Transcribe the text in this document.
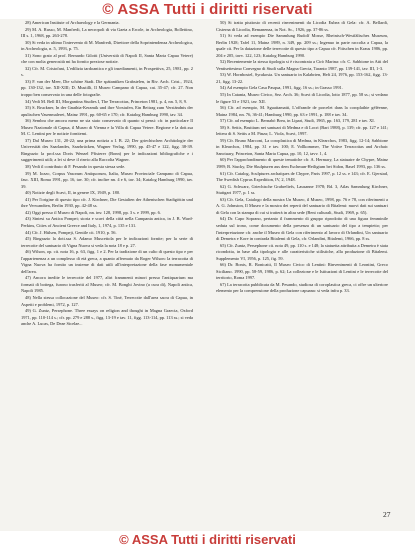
© ASSA Tutti i diritti riservati

28) American Institute of Archaeology e la Germania.

29) M. A. Russo, M. Manfredi, La necropoli di via Gaeta a Ercole, in Archeologia, Bollettino, III s. 1, 1968, pp. 263-278.

30) Si veda in ultimo l'intervento di M. Manfredi, Direttore della Soprintendenza Archeologica, in Archeologia, n. 5, 1993, p. 75.

31) Sono grato al prof. Bernardo Gilotti (Università di Napoli II, Santa Maria Capua Vetere) che con molta generosità mi ha fornito preziose notizie.

32) Cfr. M. Cristofani, L'edilizia tardoantica e gli insediamenti, in Prospettiva, 25, 1981, pp. 2 s.

33) F. van der Meer, Die schöne Stadt. Die spätantiken Grabstelen, in Riv. Arch. Crist., 1924, pp. 130-132, tav. XII-XIII; D. Mustilli, Il Museo Campano di Capua, cat. 35-47; cfr. 27. Non troppo ben conservato in una delle fotografie.

34) Vedi M. Bell III, Morgantina Studies I, The Terracottas, Princeton 1981, p. 4, nn. 5, 8, 9.

35) S. Bruckner, In der Gnathia-Keramik und ihre Vorstufen, Ein Beitrag zum Verständnis der apulischen Vasenmalerei, Mainz 1991, pp. 60-65 e 170; cfr. Katalog Hamburg 1990, tav. 34.

36) Sembra che ancora meno ne sia stato conservato di quanto si pensi: cfr. in particolare Il Museo Nazionale di Capua, il Museo di Vienna e la Villa di Capua Vetere. Regione e la dott.ssa M. C. Lentini per le notizie fornitemi.

37) Dal Museo 131, 20-22; una prima notizia a I. B. 22; Der griechischen Archäologie der Universität des Saarlandes, Saarbrücken, Wagner Verlag, 1990, pp. 45-47 e 122, figg. 38-39. Ringrazio la prof.ssa Doris Wenzel Pfisterer (Bonn) per le indicazioni bibliografiche e i suggerimenti utili; a lei si deve il rinvio alla Raccolta Wagner.

38) Vedi il contributo di F. Pesando in questa stessa sede.

39) M. Iozzo, Corpus Vasorum Antiquorum, Italia, Museo Provinciale Campano di Capua, fasc. XIII, Roma 1991, pp. 16, tav. 30; cfr. inoltre nn. 4 e 6, tav. 34; Katalog Hamburg 1990, tav. 39.

40) Notizie degli Scavi, II, in genere IX, 1949, p. 180.

41) Per l'origine di questo tipo cfr. J. Kirchner, Die Gestalten der Athenischen Stadtgöttin und ihre Verwandten, Berlin 1930, pp. 42-48 ss.

42) Oggi presso il Museo di Napoli, nn. inv. 128, 1998, pp. 3 s. e 1999, pp. 6.

43) Sintesi su Antica Pompei; storia e scavi della città nella Campania antica, in J. B. Ward-Perkins, Cities of Ancient Greece and Italy, 1, 1974, p. 135 e 131.

44) Cfr. J. Hülsen, Pompeji, Gentile cit. 1910, p. 56.

45) Ringrazio la dott.ssa S. Adamo Muscettola per le indicazioni fornite; per la serie di terrecotte del santuario di Vigna Nuova si veda la nota 18 e p. 27.

46) Wilson, op. cit. nota 16, p. 63, figg. 1 e 2. Per la tradizione di un culto di questo tipo e per l'appartenenza a un complesso di età greca, a quanto affermato da Roger Wilson: la terracotta di Vigna Nuova ha fornito un insieme di dati utili all'interpretazione della fase monumentale dell'area.

47) Ancora inedite le terrecotte del 1977, altri frammenti minori presso l'antiquarium ma formati di bottega, furono trasferiti al Museo; cfr. M. Bonghi Jovino (a cura di), Napoli antica, Napoli 1985.

48) Nella stessa collocazione del Museo: cfr. S. Tiné, Terrecotte dall'area sacra di Capua, in Aspetti e problemi, 1972, p. 127.

49) G. Zuntz, Persephone. Three essays on religion and thought in Magna Graecia, Oxford 1971, pp. 110-114 s.; cfr. pp. 279 e 288 s., figg. 13-19 e tav. 11, figg. 113-114, pp. 113 ss.; si veda anche A. Lucas, De Deae Sicelae...

50) Si tratta piuttosto di recenti rinvenimenti da Licodia Eubea di Gela: cfr. A. Bellardi, Cisterna di Licodia, Remanenza, in Not. Sc., 1926, pp. 37-86 ss.

51) Si veda ad esempio Die Sammlung Rudolf Mosse, Rheinisch-Westfälisches Museum, Berlin 1928; Tafel 11, Mainz 1989, n. 349, pp. 209 ss.; Ingenuo in parte raccolta a Capua, la quale cit. Per la datazione delle terrecotte di questo tipo a Capua cfr. Fittschen in Kraus 1986, pp. 204 e 205, tavv. 122, 123; Katalog Hamburg 1990.

52) Recentemente la stessa tipologia si è riscontrata a Cirò Marina: cfr. C. Sabbione in Atti del Ventisettesimo Convegno di Studi sulla Magna Grecia, Taranto 1987, pp. 139-141, tav. III, 1-3.

53) W. Hornbostel, Syrakosia. Un santuario in Kalabrien, Heft 24, 1976, pp. 153-162, figg. 13-21, figg. 13-22.

54) Ad esempio Gela Casa Pasqua, 1991, figg. 16 ss.; in Grasso 1991.

55) In Catania, Museo Civico, Sez. Arch. 36; Scavi di Licodia, lotto 1877, pp. 58 ss.; si vedano le figure 53 e 1921, tav. XII.

56) Cfr. ad esempio, M. Sguaitamatti, L'offrande de porcelet dans la coroplathie géléenne, Mainz 1984, nn. 76, 36-41; Hamburg 1990, pp. 63 e 1991, p. 188 e tav. 34.

57) Cfr. ad esempio L. Bernabò Brea, in Lipari, Studi, 1965, pp. 163, 179, 281 e tav. XI.

58) S. Settis, Bruttium nei santuari di Medma e di Locri (Bari 1988), p. 139; cfr. pp. 127 e 141; lettera di S. Settis a M. Pinza; L. Viola, Scavi, 1997.

59) Cfr. Bruno Marconi, La coroplastica di Medma, in Klearchos, 1983, figg. 12-14; Sabbione in Klearchos, 1984, pp. 31 e tav. 100; E. Vollkommer, The Votive Terracottas and Archaic Sanctuary, Princeton, Santa Maria Capua, pp. 10, 12, tavv. 1, 4.

60) Per l'approfondimento di queste tematiche cfr. A. Hermary, La statuaire de Chypre, Mainz 1989; B. Stucky, Die Skulpturen aus dem Eschmun-Heiligtum bei Sidon, Basel 1993, pp. 136 ss.

61) Cfr. Catalog, Sculptures archaïques de Chypre, Paris 1997, p. 12 ss. e 143; cfr. E. Gjerstad, The Swedish Cyprus Expedition, IV, 2, 1948.

62) G. Schwarz, Griechische Grabreliefs, Lausanne 1978; Bd. 3, Atlas Sammlung Kirchner, Stuttgart 1977, p. 1 ss.

63) Cfr. Gela, Catalogo della mostra Un Museo, il Museo, 1998, pp. 76 e 78, con riferimenti a A. G. Johnston, Il Museo e la mostra dei reperti del santuario di Bitalemi: nuovi dati sui santuari di Gela con la stampa di cui si tratterà in altra sede (Beni culturali, Studi, 1969, p. 65).

64) Dr. Capo Soprano, pertanto il frammento di gruppo riprodotto di una figura femminile seduta sul trono, come documento della presenza di un santuario del tipo a tempietto; per l'interpretazione cfr. anche il Museo di Gela con riferimento al lavoro di Orlandini, Un santuario di Demetra e Kore in contrada Bitalemi di Gela, cfr. Orlandini, Bitalemi, 1966, pp. 8 ss.

65) Cfr. Zuntz, Persephone cit. nota 49, pp. 110 s. e 148; la statuetta attribuita a Demetra è stata ricondotta, in base alla tipologia e alle caratteristiche stilistiche, alla produzione di Bitalemi. Supplemento VI, 1956, p. 125, fig. 59.

66) Dr. Bonis, R. Bonicatti, Il Museo Civico di Lentini: Rinvenimenti di Leontini, Greco Siciliano. 1990, pp. 58-59, 1986, p. 62; La collezione e le Istituzioni di Lentini e le terrecotte del territorio, Roma 1997.

67) La terracotta pubblicata da M. Pesando, studiosa di coroplastica greca, ci offre un ulteriore elemento per la comprensione della produzione capuana: si veda infra p. 33.

27
© ASSA Tutti i diritti riservati
